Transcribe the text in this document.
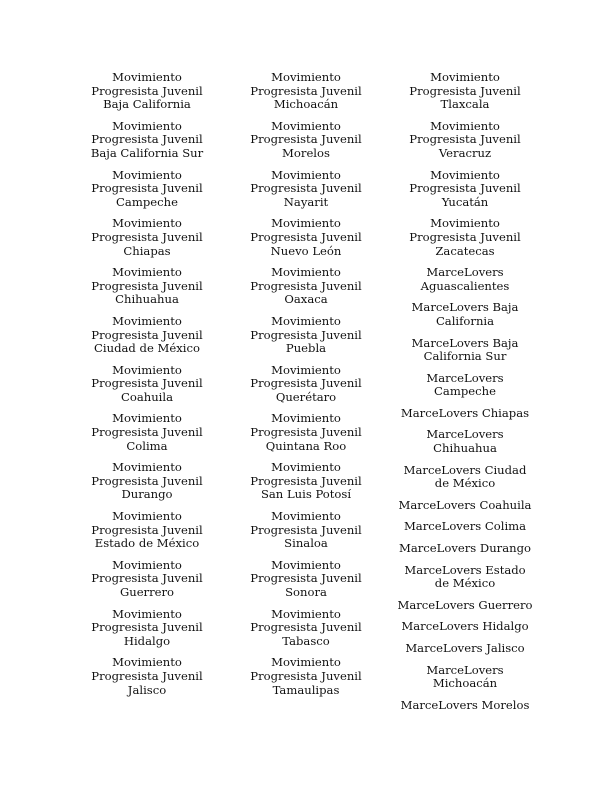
Movimiento
Progresista Juvenil
Baja California

Movimiento
Progresista Juvenil
Baja California Sur

Movimiento
Progresista Juvenil
Campeche

Movimiento
Progresista Juvenil
Chiapas

Movimiento
Progresista Juvenil
Chihuahua

Movimiento
Progresista Juvenil
Ciudad de México

Movimiento
Progresista Juvenil
Coahuila

Movimiento
Progresista Juvenil
Colima

Movimiento
Progresista Juvenil
Durango

Movimiento
Progresista Juvenil
Estado de México

Movimiento
Progresista Juvenil
Guerrero

Movimiento
Progresista Juvenil
Hidalgo

Movimiento
Progresista Juvenil
Jalisco

Movimiento
Progresista Juvenil
Michoacán

Movimiento
Progresista Juvenil
Morelos

Movimiento
Progresista Juvenil
Nayarit

Movimiento
Progresista Juvenil
Nuevo León

Movimiento
Progresista Juvenil
Oaxaca

Movimiento
Progresista Juvenil
Puebla

Movimiento
Progresista Juvenil
Querétaro

Movimiento
Progresista Juvenil
Quintana Roo

Movimiento
Progresista Juvenil
San Luis Potosí

Movimiento
Progresista Juvenil
Sinaloa

Movimiento
Progresista Juvenil
Sonora

Movimiento
Progresista Juvenil
Tabasco

Movimiento
Progresista Juvenil
Tamaulipas

Movimiento
Progresista Juvenil
Tlaxcala

Movimiento
Progresista Juvenil
Veracruz

Movimiento
Progresista Juvenil
Yucatán

Movimiento
Progresista Juvenil
Zacatecas

MarceLovers
Aguascalientes

MarceLovers Baja
California

MarceLovers Baja
California Sur

MarceLovers
Campeche

MarceLovers Chiapas

MarceLovers
Chihuahua

MarceLovers Ciudad
de México

MarceLovers Coahuila

MarceLovers Colima

MarceLovers Durango

MarceLovers Estado
de México

MarceLovers Guerrero

MarceLovers Hidalgo

MarceLovers Jalisco

MarceLovers
Michoacán

MarceLovers Morelos
